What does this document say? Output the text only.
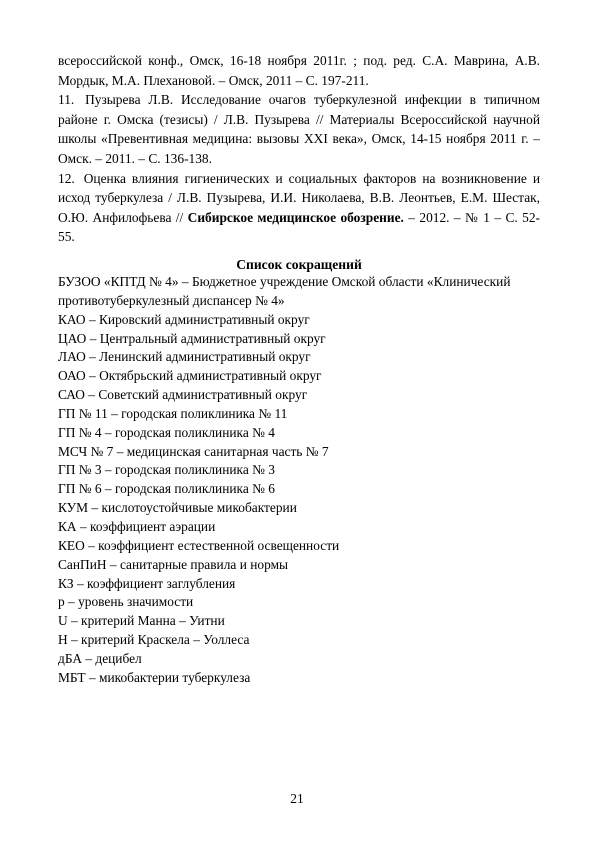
всероссийской конф., Омск, 16-18 ноября 2011г. ; под. ред. С.А. Маврина, А.В. Мордык, М.А. Плехановой. – Омск, 2011 – С. 197-211.

11. Пузырева Л.В. Исследование очагов туберкулезной инфекции в типичном районе г. Омска (тезисы) / Л.В. Пузырева // Материалы Всероссийской научной школы «Превентивная медицина: вызовы XXI века», Омск, 14-15 ноября 2011 г. – Омск. – 2011. – С. 136-138.

12. Оценка влияния гигиенических и социальных факторов на возникновение и исход туберкулеза / Л.В. Пузырева, И.И. Николаева, В.В. Леонтьев, Е.М. Шестак, О.Ю. Анфилофьева // Сибирское медицинское обозрение. – 2012. – № 1 – С. 52-55.

Список сокращений
БУЗОО «КПТД № 4» – Бюджетное учреждение Омской области «Клинический противотуберкулезный диспансер № 4»
КАО – Кировский административный округ
ЦАО – Центральный административный округ
ЛАО – Ленинский административный округ
ОАО – Октябрьский административный округ
САО – Советский административный округ
ГП № 11 – городская поликлиника № 11
ГП № 4 – городская поликлиника № 4
МСЧ № 7 – медицинская санитарная часть № 7
ГП № 3 – городская поликлиника № 3
ГП № 6 – городская поликлиника № 6
КУМ – кислотоустойчивые микобактерии
КА – коэффициент аэрации
КЕО – коэффициент естественной освещенности
СанПиН – санитарные правила и нормы
КЗ – коэффициент заглубления
р – уровень значимости
U – критерий Манна – Уитни
Н – критерий Краскела – Уоллеса
дБА – децибел
МБТ – микобактерии туберкулеза
21
